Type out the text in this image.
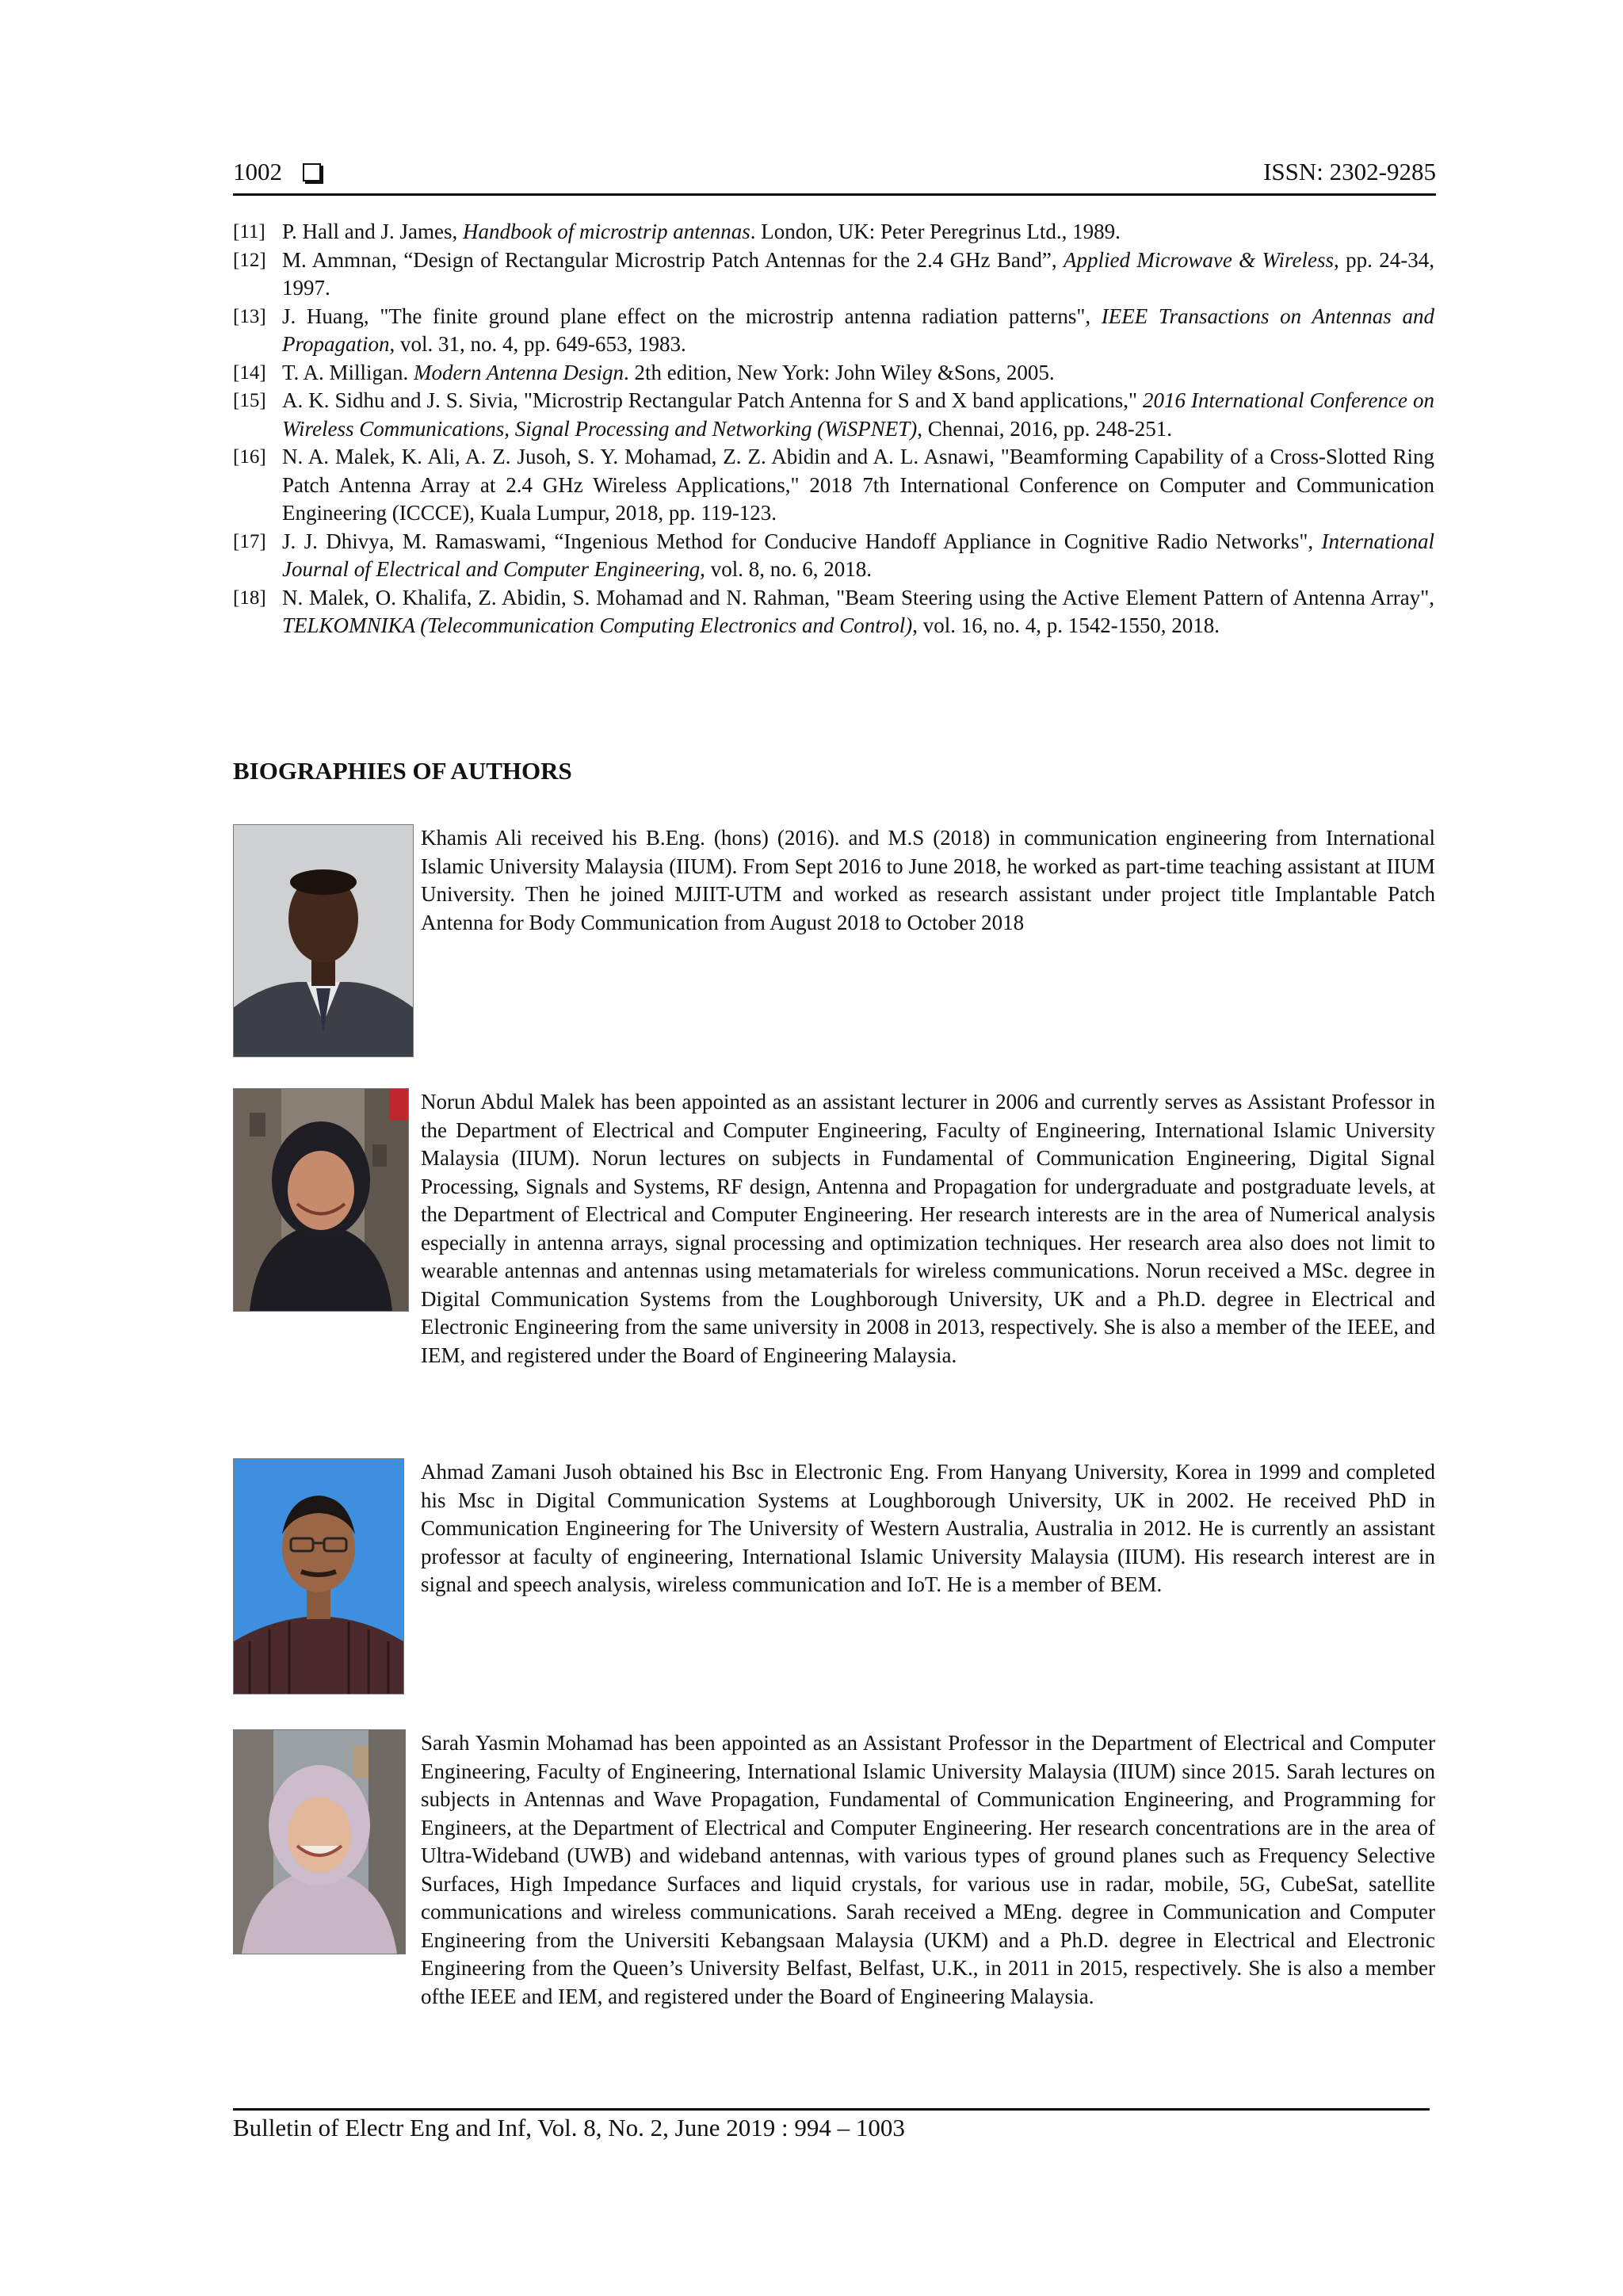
1002	ISSN: 2302-9285
[11] P. Hall and J. James, Handbook of microstrip antennas. London, UK: Peter Peregrinus Ltd., 1989.
[12] M. Ammnan, “Design of Rectangular Microstrip Patch Antennas for the 2.4 GHz Band”, Applied Microwave & Wireless, pp. 24-34, 1997.
[13] J. Huang, "The finite ground plane effect on the microstrip antenna radiation patterns", IEEE Transactions on Antennas and Propagation, vol. 31, no. 4, pp. 649-653, 1983.
[14] T. A. Milligan. Modern Antenna Design. 2th edition, New York: John Wiley &Sons, 2005.
[15] A. K. Sidhu and J. S. Sivia, "Microstrip Rectangular Patch Antenna for S and X band applications," 2016 International Conference on Wireless Communications, Signal Processing and Networking (WiSPNET), Chennai, 2016, pp. 248-251.
[16] N. A. Malek, K. Ali, A. Z. Jusoh, S. Y. Mohamad, Z. Z. Abidin and A. L. Asnawi, "Beamforming Capability of a Cross-Slotted Ring Patch Antenna Array at 2.4 GHz Wireless Applications," 2018 7th International Conference on Computer and Communication Engineering (ICCCE), Kuala Lumpur, 2018, pp. 119-123.
[17] J. J. Dhivya, M. Ramaswami, “Ingenious Method for Conducive Handoff Appliance in Cognitive Radio Networks", International Journal of Electrical and Computer Engineering, vol. 8, no. 6, 2018.
[18] N. Malek, O. Khalifa, Z. Abidin, S. Mohamad and N. Rahman, "Beam Steering using the Active Element Pattern of Antenna Array", TELKOMNIKA (Telecommunication Computing Electronics and Control), vol. 16, no. 4, p. 1542-1550, 2018.
BIOGRAPHIES OF AUTHORS

Khamis Ali received his B.Eng. (hons) (2016). and M.S (2018) in communication engineering from International Islamic University Malaysia (IIUM). From Sept 2016 to June 2018, he worked as part-time teaching assistant at IIUM University. Then he joined MJIIT-UTM and worked as research assistant under project title Implantable Patch Antenna for Body Communication from August 2018 to October 2018

Norun Abdul Malek has been appointed as an assistant lecturer in 2006 and currently serves as Assistant Professor in the Department of Electrical and Computer Engineering, Faculty of Engineering, International Islamic University Malaysia (IIUM). Norun lectures on subjects in Fundamental of Communication Engineering, Digital Signal Processing, Signals and Systems, RF design, Antenna and Propagation for undergraduate and postgraduate levels, at the Department of Electrical and Computer Engineering. Her research interests are in the area of Numerical analysis especially in antenna arrays, signal processing and optimization techniques. Her research area also does not limit to wearable antennas and antennas using metamaterials for wireless communications. Norun received a MSc. degree in Digital Communication Systems from the Loughborough University, UK and a Ph.D. degree in Electrical and Electronic Engineering from the same university in 2008 in 2013, respectively. She is also a member of the IEEE, and IEM, and registered under the Board of Engineering Malaysia.

Ahmad Zamani Jusoh obtained his Bsc in Electronic Eng. From Hanyang University, Korea in 1999 and completed his Msc in Digital Communication Systems at Loughborough University, UK in 2002. He received PhD in Communication Engineering for The University of Western Australia, Australia in 2012. He is currently an assistant professor at faculty of engineering, International Islamic University Malaysia (IIUM). His research interest are in signal and speech analysis, wireless communication and IoT. He is a member of BEM.

Sarah Yasmin Mohamad has been appointed as an Assistant Professor in the Department of Electrical and Computer Engineering, Faculty of Engineering, International Islamic University Malaysia (IIUM) since 2015. Sarah lectures on subjects in Antennas and Wave Propagation, Fundamental of Communication Engineering, and Programming for Engineers, at the Department of Electrical and Computer Engineering. Her research concentrations are in the area of Ultra-Wideband (UWB) and wideband antennas, with various types of ground planes such as Frequency Selective Surfaces, High Impedance Surfaces and liquid crystals, for various use in radar, mobile, 5G, CubeSat, satellite communications and wireless communications. Sarah received a MEng. degree in Communication and Computer Engineering from the Universiti Kebangsaan Malaysia (UKM) and a Ph.D. degree in Electrical and Electronic Engineering from the Queen’s University Belfast, Belfast, U.K., in 2011 in 2015, respectively. She is also a member ofthe IEEE and IEM, and registered under the Board of Engineering Malaysia.

Bulletin of Electr Eng and Inf, Vol. 8, No. 2, June 2019 : 994 – 1003
